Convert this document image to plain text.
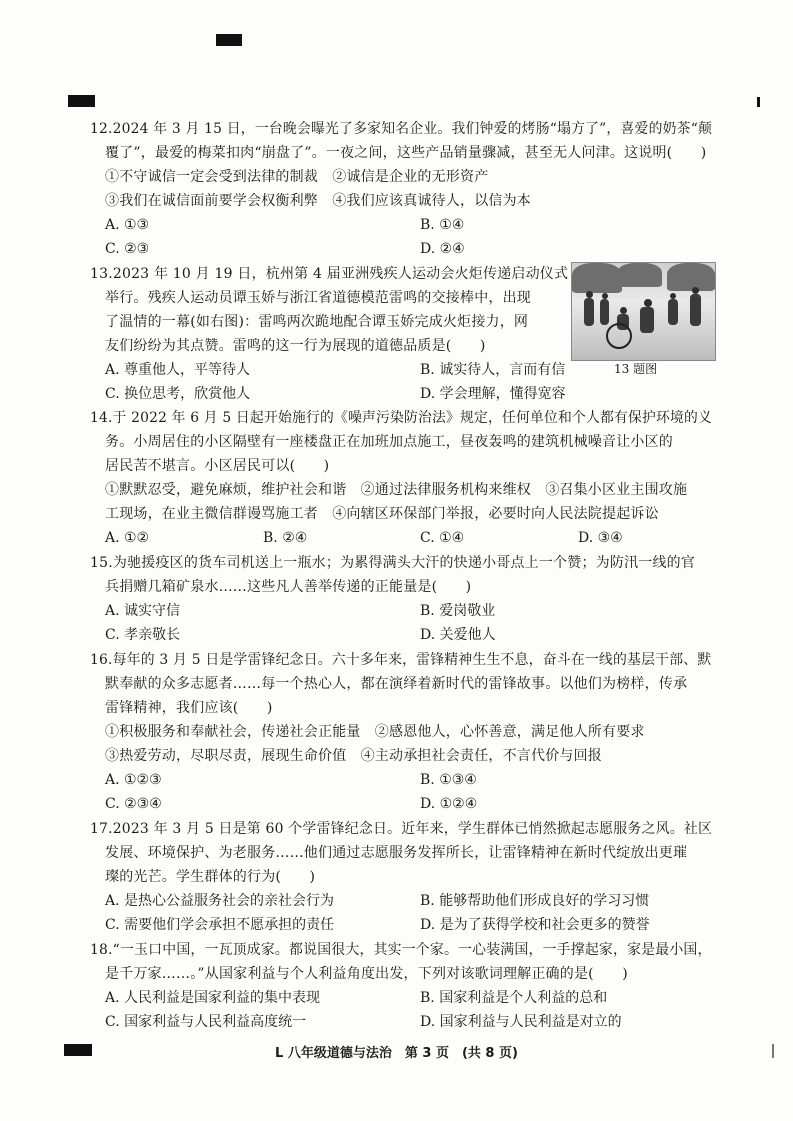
12.2024 年 3 月 15 日，一台晚会曝光了多家知名企业。我们钟爱的烤肠“塌方了”，喜爱的奶茶“颠
覆了”，最爱的梅菜扣肉“崩盘了”。一夜之间，这些产品销量骤减，甚至无人问津。这说明(　　)
①不守诚信一定会受到法律的制裁　②诚信是企业的无形资产
③我们在诚信面前要学会权衡利弊　④我们应该真诚待人，以信为本
A. ①③	B. ①④
C. ②③	D. ②④
13.2023 年 10 月 19 日，杭州第 4 届亚洲残疾人运动会火炬传递启动仪式
举行。残疾人运动员谭玉娇与浙江省道德模范雷鸣的交接棒中，出现
了温情的一幕(如右图)：雷鸣两次跪地配合谭玉娇完成火炬接力，网
友们纷纷为其点赞。雷鸣的这一行为展现的道德品质是(　　)
A. 尊重他人，平等待人	B. 诚实待人，言而有信
C. 换位思考，欣赏他人	D. 学会理解，懂得宽容
13 题图
14.于 2022 年 6 月 5 日起开始施行的《噪声污染防治法》规定，任何单位和个人都有保护环境的义
务。小周居住的小区隔壁有一座楼盘正在加班加点施工，昼夜轰鸣的建筑机械噪音让小区的
居民苦不堪言。小区居民可以(　　)
①默默忍受，避免麻烦，维护社会和谐　②通过法律服务机构来维权　③召集小区业主围攻施
工现场，在业主微信群谩骂施工者　④向辖区环保部门举报，必要时向人民法院提起诉讼
A. ①②	B. ②④	C. ①④	D. ③④
15.为驰援疫区的货车司机送上一瓶水；为累得满头大汗的快递小哥点上一个赞；为防汛一线的官
兵捐赠几箱矿泉水……这些凡人善举传递的正能量是(　　)
A. 诚实守信	B. 爱岗敬业
C. 孝亲敬长	D. 关爱他人
16.每年的 3 月 5 日是学雷锋纪念日。六十多年来，雷锋精神生生不息，奋斗在一线的基层干部、默
默奉献的众多志愿者……每一个热心人，都在演绎着新时代的雷锋故事。以他们为榜样，传承
雷锋精神，我们应该(　　)
①积极服务和奉献社会，传递社会正能量　②感恩他人，心怀善意，满足他人所有要求
③热爱劳动，尽职尽责，展现生命价值　④主动承担社会责任，不言代价与回报
A. ①②③	B. ①③④
C. ②③④	D. ①②④
17.2023 年 3 月 5 日是第 60 个学雷锋纪念日。近年来，学生群体已悄然掀起志愿服务之风。社区
发展、环境保护、为老服务……他们通过志愿服务发挥所长，让雷锋精神在新时代绽放出更璀
璨的光芒。学生群体的行为(　　)
A. 是热心公益服务社会的亲社会行为	B. 能够帮助他们形成良好的学习习惯
C. 需要他们学会承担不愿承担的责任	D. 是为了获得学校和社会更多的赞誉
18.“一玉口中国，一瓦顶成家。都说国很大，其实一个家。一心装满国，一手撑起家，家是最小国，
是千万家……。”从国家利益与个人利益角度出发，下列对该歌词理解正确的是(　　)
A. 人民利益是国家利益的集中表现	B. 国家利益是个人利益的总和
C. 国家利益与人民利益高度统一	D. 国家利益与人民利益是对立的
L 八年级道德与法治　第 3 页　(共 8 页)
